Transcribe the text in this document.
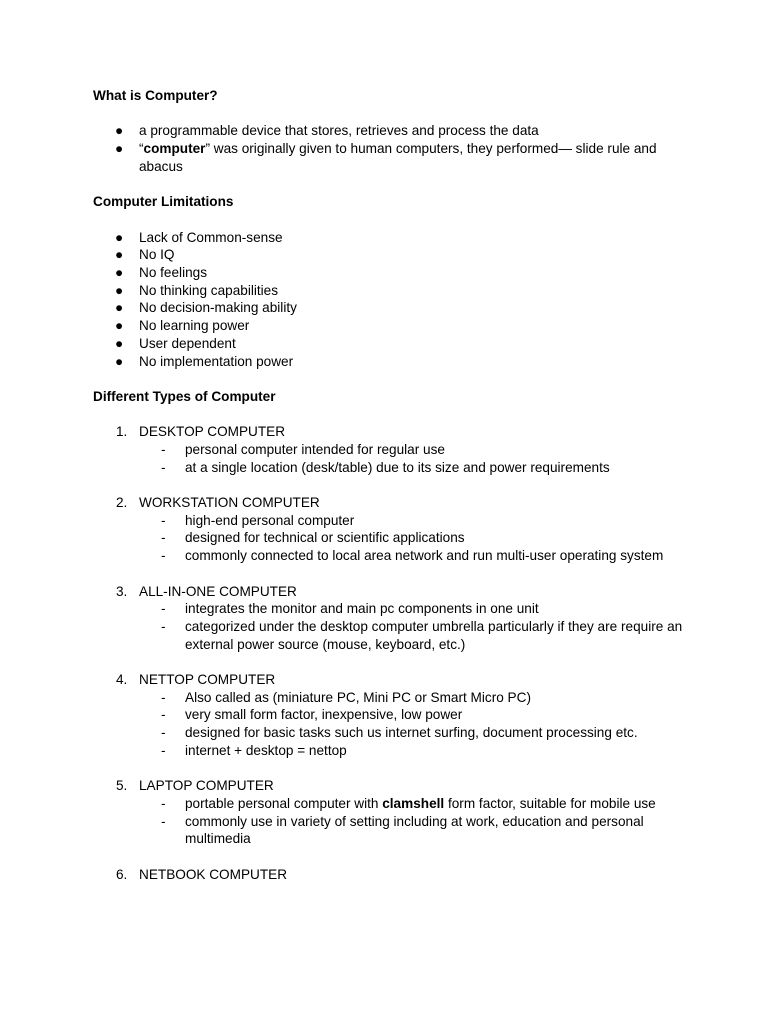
What is Computer?
● a programmable device that stores, retrieves and process the data
● “computer” was originally given to human computers, they performed— slide rule and abacus
Computer Limitations
● Lack of Common-sense
● No IQ
● No feelings
● No thinking capabilities
● No decision-making ability
● No learning power
● User dependent
● No implementation power
Different Types of Computer
1. DESKTOP COMPUTER
- personal computer intended for regular use
- at a single location (desk/table) due to its size and power requirements
2. WORKSTATION COMPUTER
- high-end personal computer
- designed for technical or scientific applications
- commonly connected to local area network and run multi-user operating system
3. ALL-IN-ONE COMPUTER
- integrates the monitor and main pc components in one unit
- categorized under the desktop computer umbrella particularly if they are require an external power source (mouse, keyboard, etc.)
4. NETTOP COMPUTER
- Also called as (miniature PC, Mini PC or Smart Micro PC)
- very small form factor, inexpensive, low power
- designed for basic tasks such us internet surfing, document processing etc.
- internet + desktop = nettop
5. LAPTOP COMPUTER
- portable personal computer with clamshell form factor, suitable for mobile use
- commonly use in variety of setting including at work, education and personal multimedia
6. NETBOOK COMPUTER
